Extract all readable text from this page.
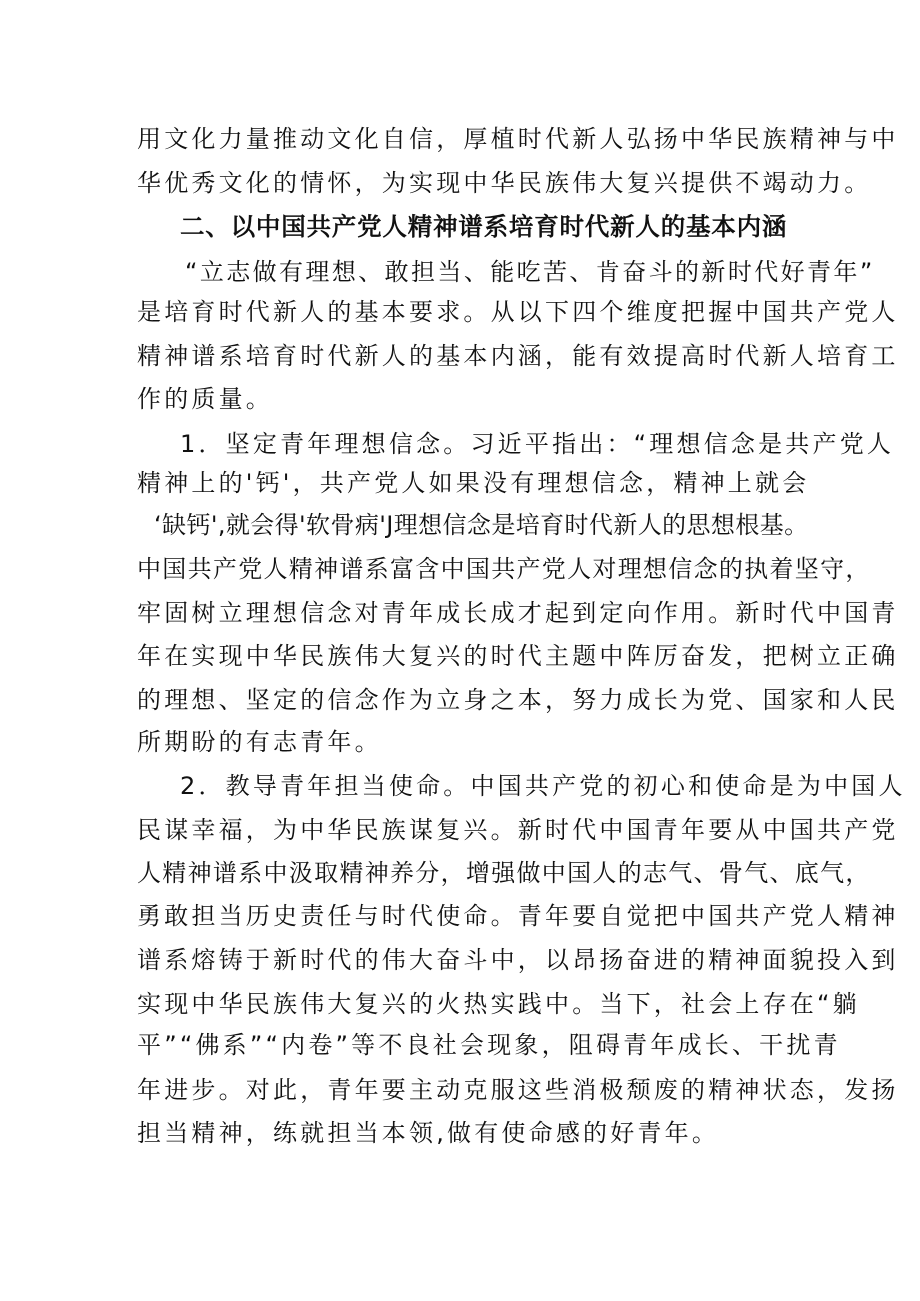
用文化力量推动文化自信，厚植时代新人弘扬中华民族精神与中
华优秀文化的情怀，为实现中华民族伟大复兴提供不竭动力。
二、以中国共产党人精神谱系培育时代新人的基本内涵
“立志做有理想、敢担当、能吃苦、肯奋斗的新时代好青年”
是培育时代新人的基本要求。从以下四个维度把握中国共产党人
精神谱系培育时代新人的基本内涵，能有效提高时代新人培育工
作的质量。
1．坚定青年理想信念。习近平指出：“理想信念是共产党人
精神上的'钙'，共产党人如果没有理想信念，精神上就会
‘缺钙',就会得'软骨病'J理想信念是培育时代新人的思想根基。
中国共产党人精神谱系富含中国共产党人对理想信念的执着坚守，
牢固树立理想信念对青年成长成才起到定向作用。新时代中国青
年在实现中华民族伟大复兴的时代主题中阵厉奋发，把树立正确
的理想、坚定的信念作为立身之本，努力成长为党、国家和人民
所期盼的有志青年。
2．教导青年担当使命。中国共产党的初心和使命是为中国人
民谋幸福，为中华民族谋复兴。新时代中国青年要从中国共产党
人精神谱系中汲取精神养分，增强做中国人的志气、骨气、底气，
勇敢担当历史责任与时代使命。青年要自觉把中国共产党人精神
谱系熔铸于新时代的伟大奋斗中，以昂扬奋进的精神面貌投入到
实现中华民族伟大复兴的火热实践中。当下，社会上存在“躺
平”“佛系”“内卷”等不良社会现象，阻碍青年成长、干扰青
年进步。对此，青年要主动克服这些消极颓废的精神状态，发扬
担当精神，练就担当本领,做有使命感的好青年。
